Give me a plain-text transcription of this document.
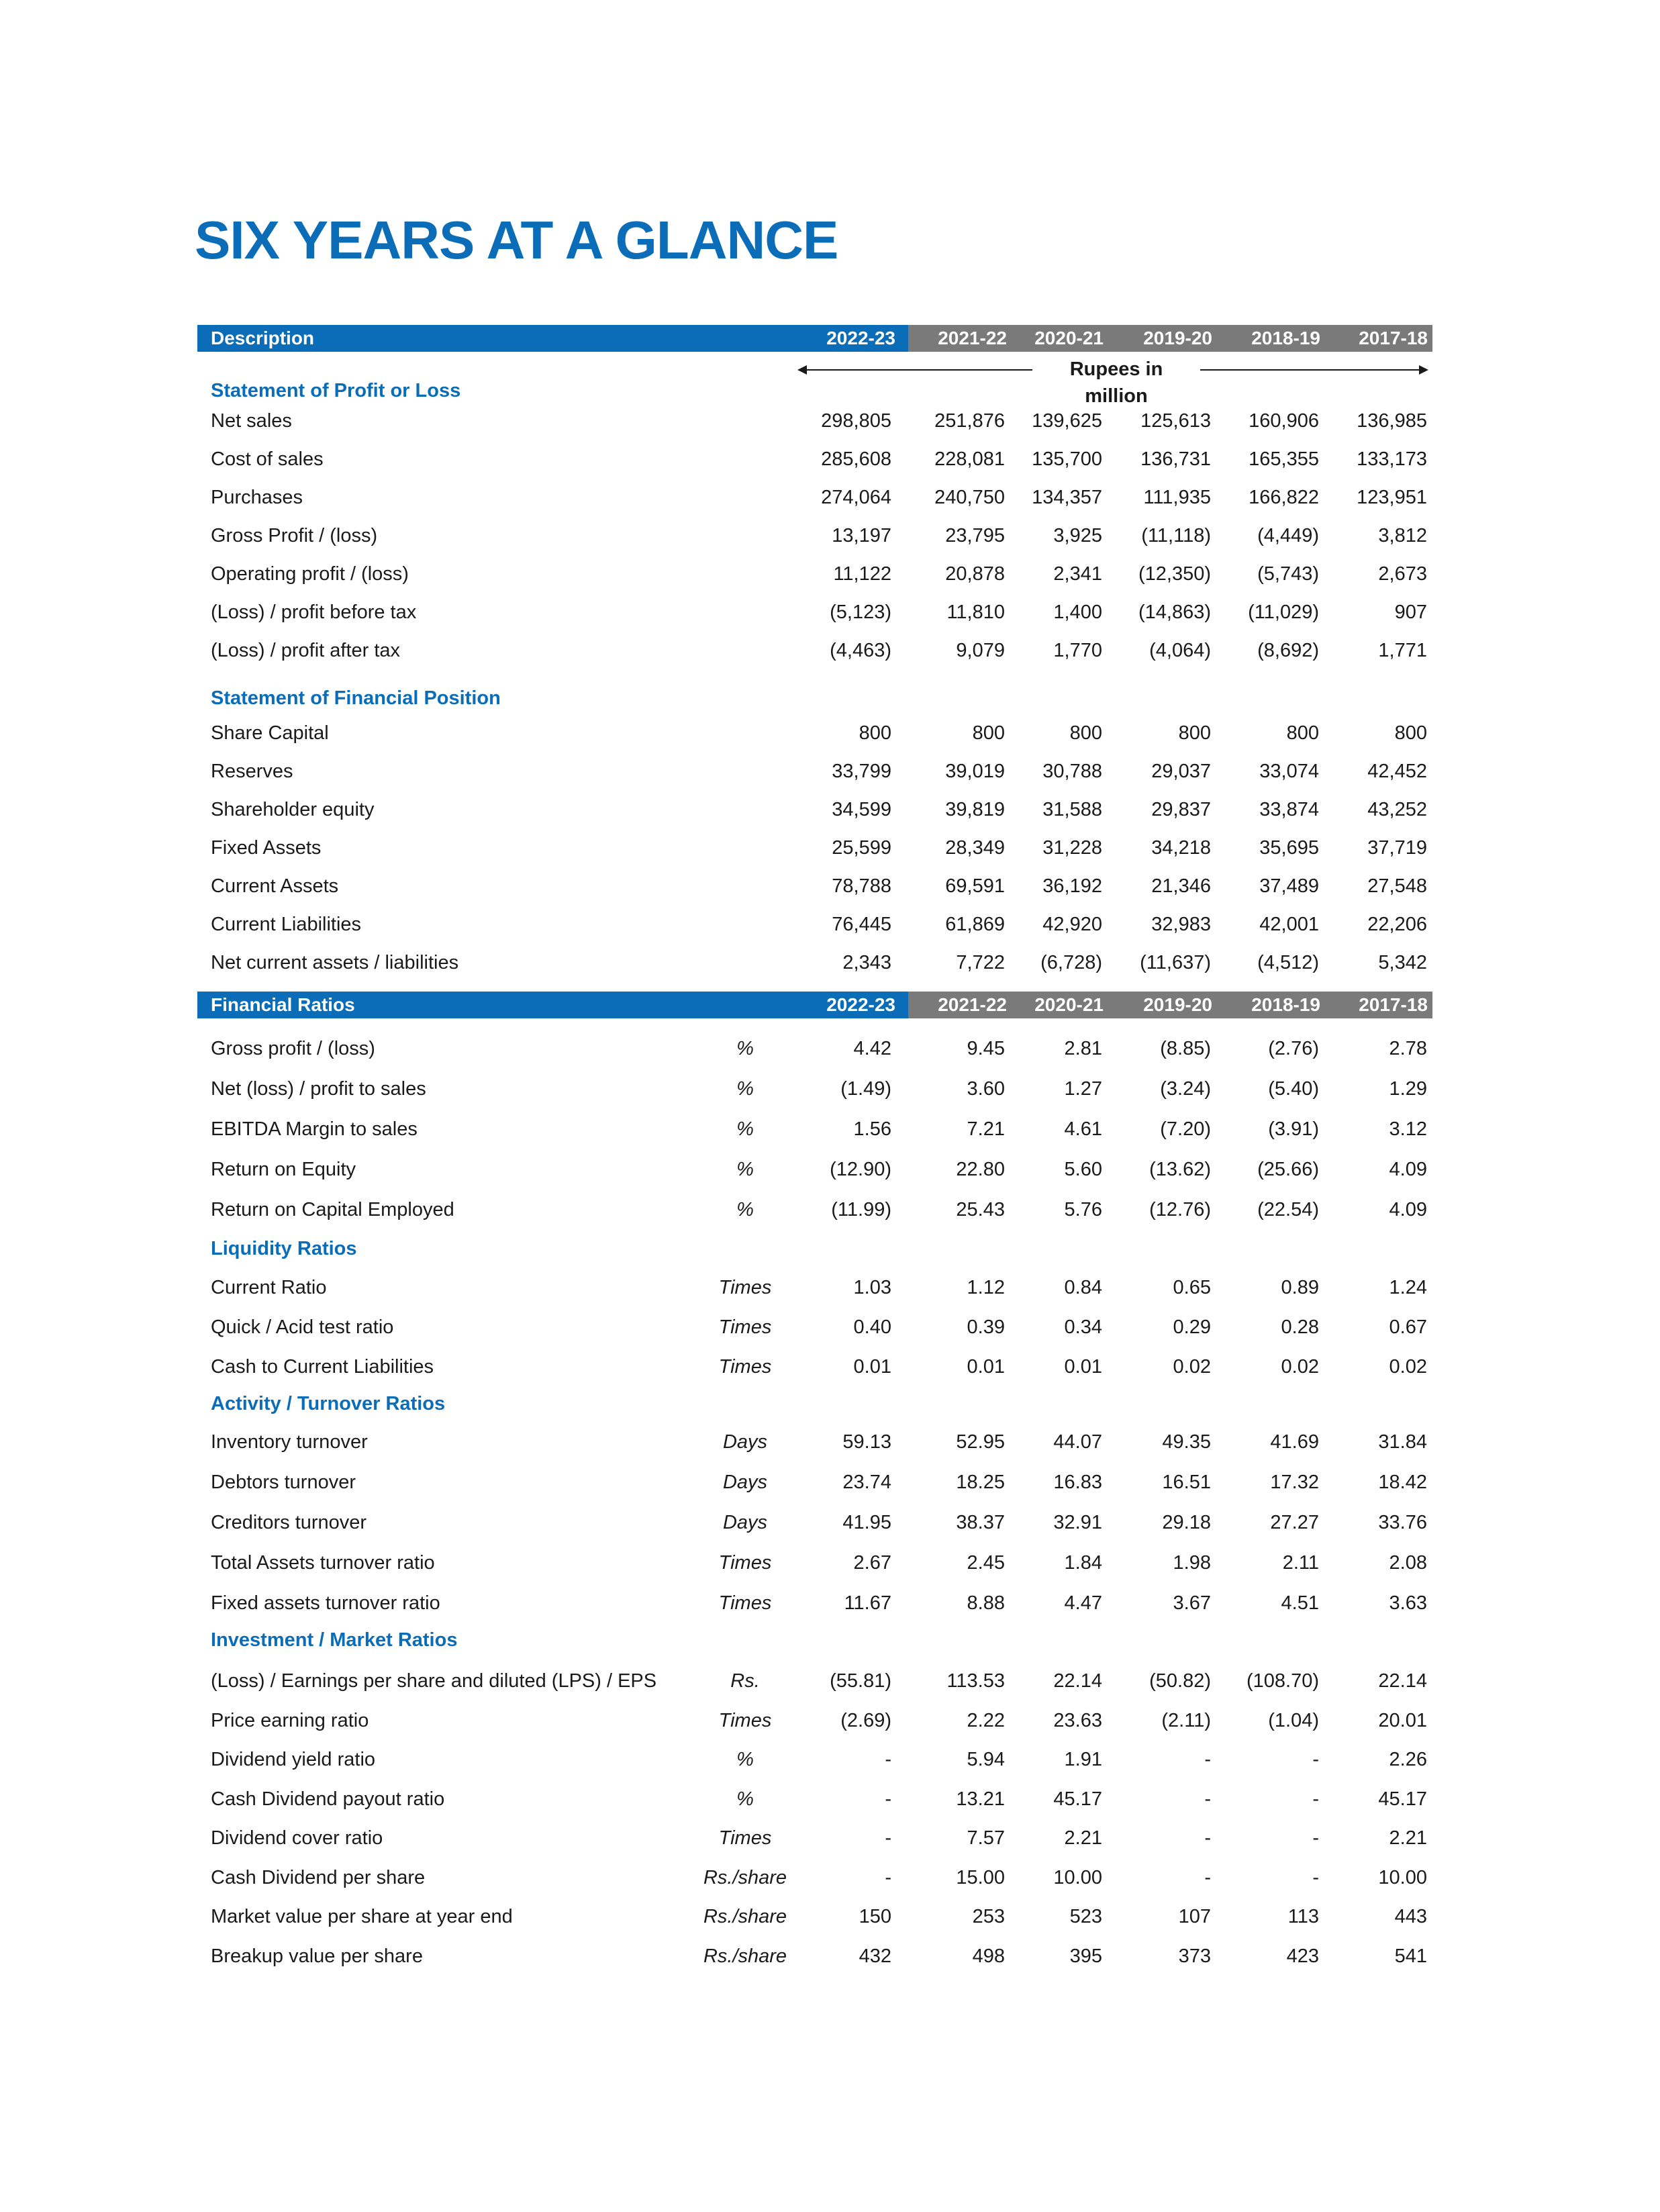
SIX YEARS AT A GLANCE
Description	2022-23	2021-22	2020-21	2019-20	2018-19	2017-18
Rupees in million
Statement of Profit or Loss
Net sales	298,805	251,876	139,625	125,613	160,906	136,985
Cost of sales	285,608	228,081	135,700	136,731	165,355	133,173
Purchases	274,064	240,750	134,357	111,935	166,822	123,951
Gross Profit / (loss)	13,197	23,795	3,925	(11,118)	(4,449)	3,812
Operating profit / (loss)	11,122	20,878	2,341	(12,350)	(5,743)	2,673
(Loss) / profit before tax	(5,123)	11,810	1,400	(14,863)	(11,029)	907
(Loss) / profit after tax	(4,463)	9,079	1,770	(4,064)	(8,692)	1,771
Statement of Financial Position
Share Capital	800	800	800	800	800	800
Reserves	33,799	39,019	30,788	29,037	33,074	42,452
Shareholder equity	34,599	39,819	31,588	29,837	33,874	43,252
Fixed Assets	25,599	28,349	31,228	34,218	35,695	37,719
Current Assets	78,788	69,591	36,192	21,346	37,489	27,548
Current Liabilities	76,445	61,869	42,920	32,983	42,001	22,206
Net current assets / liabilities	2,343	7,722	(6,728)	(11,637)	(4,512)	5,342
Financial Ratios	2022-23	2021-22	2020-21	2019-20	2018-19	2017-18
Gross profit / (loss)	%	4.42	9.45	2.81	(8.85)	(2.76)	2.78
Net (loss) / profit to sales	%	(1.49)	3.60	1.27	(3.24)	(5.40)	1.29
EBITDA Margin to sales	%	1.56	7.21	4.61	(7.20)	(3.91)	3.12
Return on Equity	%	(12.90)	22.80	5.60	(13.62)	(25.66)	4.09
Return on Capital Employed	%	(11.99)	25.43	5.76	(12.76)	(22.54)	4.09
Liquidity Ratios
Current Ratio	Times	1.03	1.12	0.84	0.65	0.89	1.24
Quick / Acid test ratio	Times	0.40	0.39	0.34	0.29	0.28	0.67
Cash to Current Liabilities	Times	0.01	0.01	0.01	0.02	0.02	0.02
Activity / Turnover Ratios
Inventory turnover	Days	59.13	52.95	44.07	49.35	41.69	31.84
Debtors turnover	Days	23.74	18.25	16.83	16.51	17.32	18.42
Creditors turnover	Days	41.95	38.37	32.91	29.18	27.27	33.76
Total Assets turnover ratio	Times	2.67	2.45	1.84	1.98	2.11	2.08
Fixed assets turnover ratio	Times	11.67	8.88	4.47	3.67	4.51	3.63
Investment / Market Ratios
(Loss) / Earnings per share and diluted (LPS) / EPS	Rs.	(55.81)	113.53	22.14	(50.82)	(108.70)	22.14
Price earning ratio	Times	(2.69)	2.22	23.63	(2.11)	(1.04)	20.01
Dividend yield ratio	%	-	5.94	1.91	-	-	2.26
Cash Dividend payout ratio	%	-	13.21	45.17	-	-	45.17
Dividend cover ratio	Times	-	7.57	2.21	-	-	2.21
Cash Dividend per share	Rs./share	-	15.00	10.00	-	-	10.00
Market value per share at year end	Rs./share	150	253	523	107	113	443
Breakup value per share	Rs./share	432	498	395	373	423	541
